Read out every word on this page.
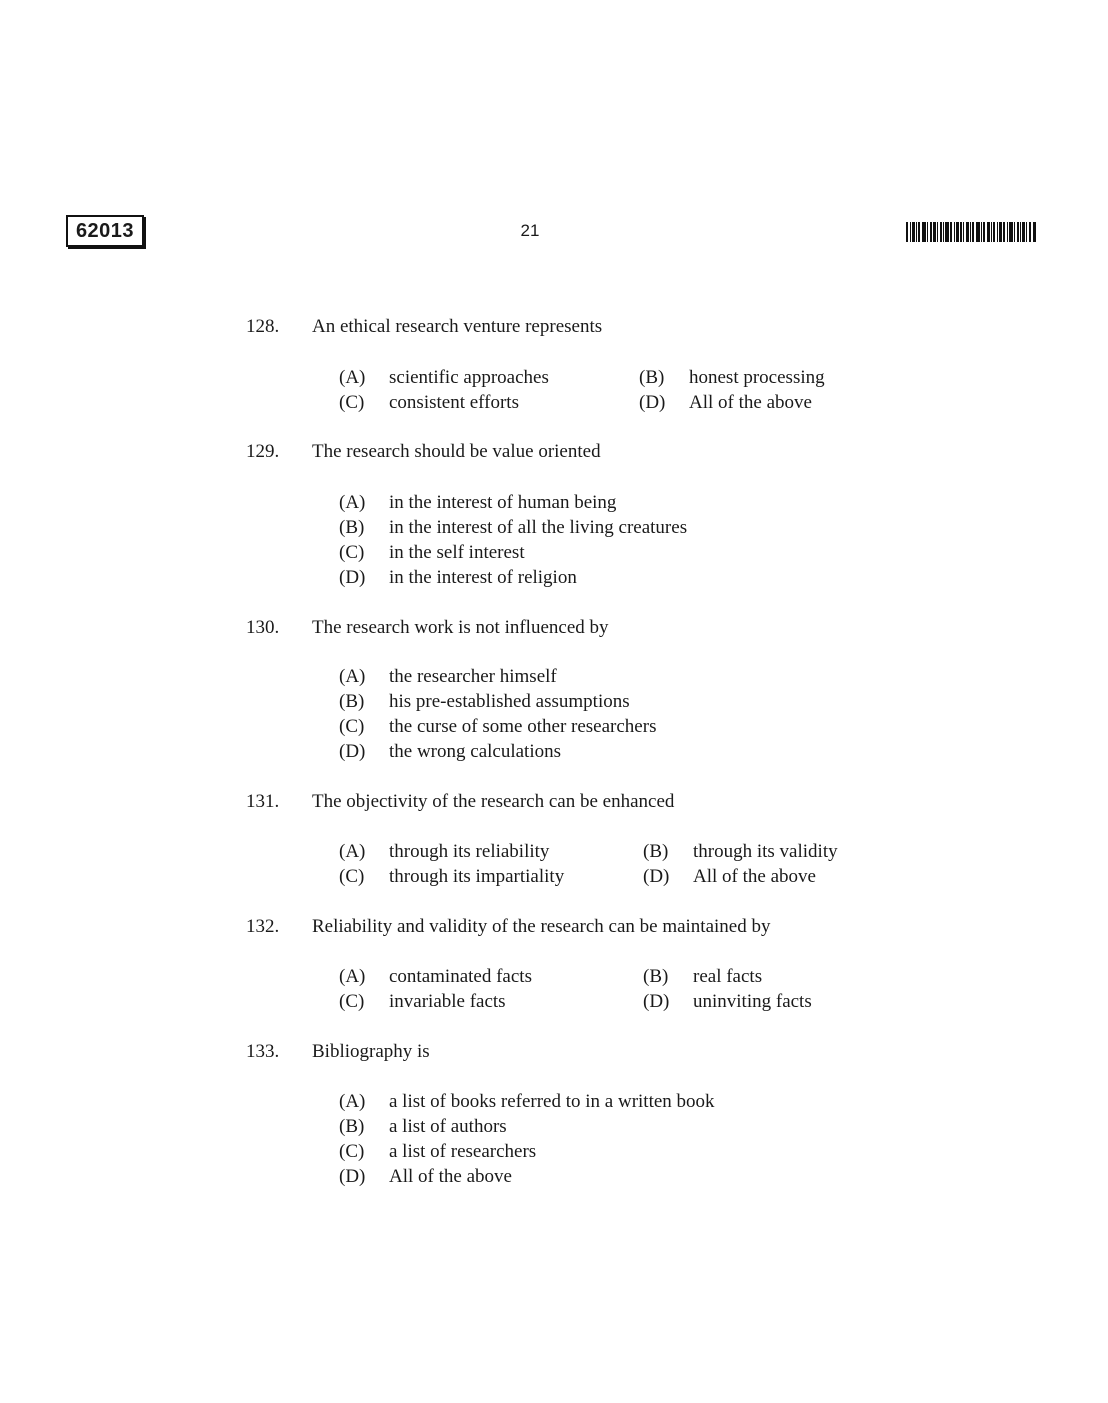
62013	21
128. An ethical research venture represents
(A) scientific approaches	(B) honest processing
(C) consistent efforts	(D) All of the above
129. The research should be value oriented
(A) in the interest of human being
(B) in the interest of all the living creatures
(C) in the self interest
(D) in the interest of religion
130. The research work is not influenced by
(A) the researcher himself
(B) his pre-established assumptions
(C) the curse of some other researchers
(D) the wrong calculations
131. The objectivity of the research can be enhanced
(A) through its reliability	(B) through its validity
(C) through its impartiality	(D) All of the above
132. Reliability and validity of the research can be maintained by
(A) contaminated facts	(B) real facts
(C) invariable facts	(D) uninviting facts
133. Bibliography is
(A) a list of books referred to in a written book
(B) a list of authors
(C) a list of researchers
(D) All of the above
